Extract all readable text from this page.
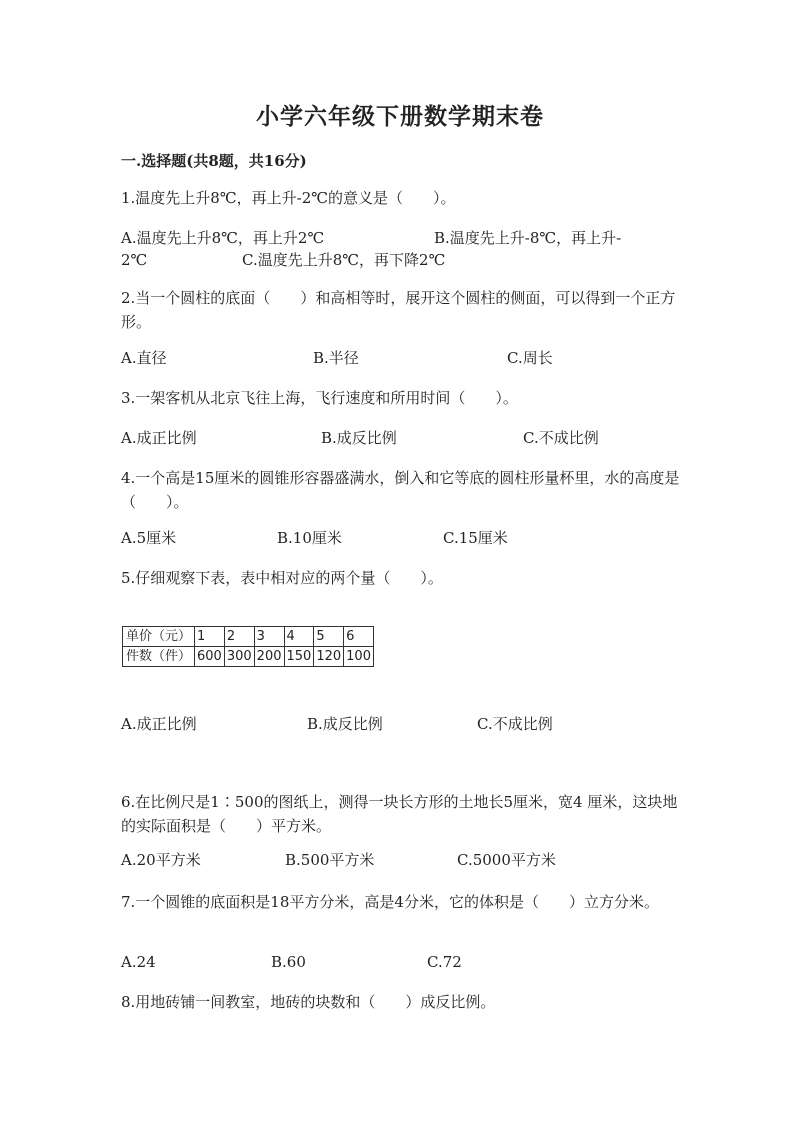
小学六年级下册数学期末卷
一.选择题(共8题，共16分)
1.温度先上升8℃，再上升-2℃的意义是（　　）。
A.温度先上升8℃，再上升2℃	B.温度先上升-8℃，再上升-
2℃	C.温度先上升8℃，再下降2℃
2.当一个圆柱的底面（　　）和高相等时，展开这个圆柱的侧面，可以得到一个正方形。
A.直径	B.半径	C.周长
3.一架客机从北京飞往上海，飞行速度和所用时间（　　）。
A.成正比例	B.成反比例	C.不成比例
4.一个高是15厘米的圆锥形容器盛满水，倒入和它等底的圆柱形量杯里，水的高度是（　　）。
A.5厘米	B.10厘米	C.15厘米
5.仔细观察下表，表中相对应的两个量（　　）。
单价（元）	1	2	3	4	5	6
件数（件）	600	300	200	150	120	100
A.成正比例	B.成反比例	C.不成比例
6.在比例尺是1∶500的图纸上，测得一块长方形的土地长5厘米，宽4 厘米，这块地的实际面积是（　　）平方米。
A.20平方米	B.500平方米	C.5000平方米
7.一个圆锥的底面积是18平方分米，高是4分米，它的体积是（　　）立方分米。
A.24	B.60	C.72
8.用地砖铺一间教室，地砖的块数和（　　）成反比例。
